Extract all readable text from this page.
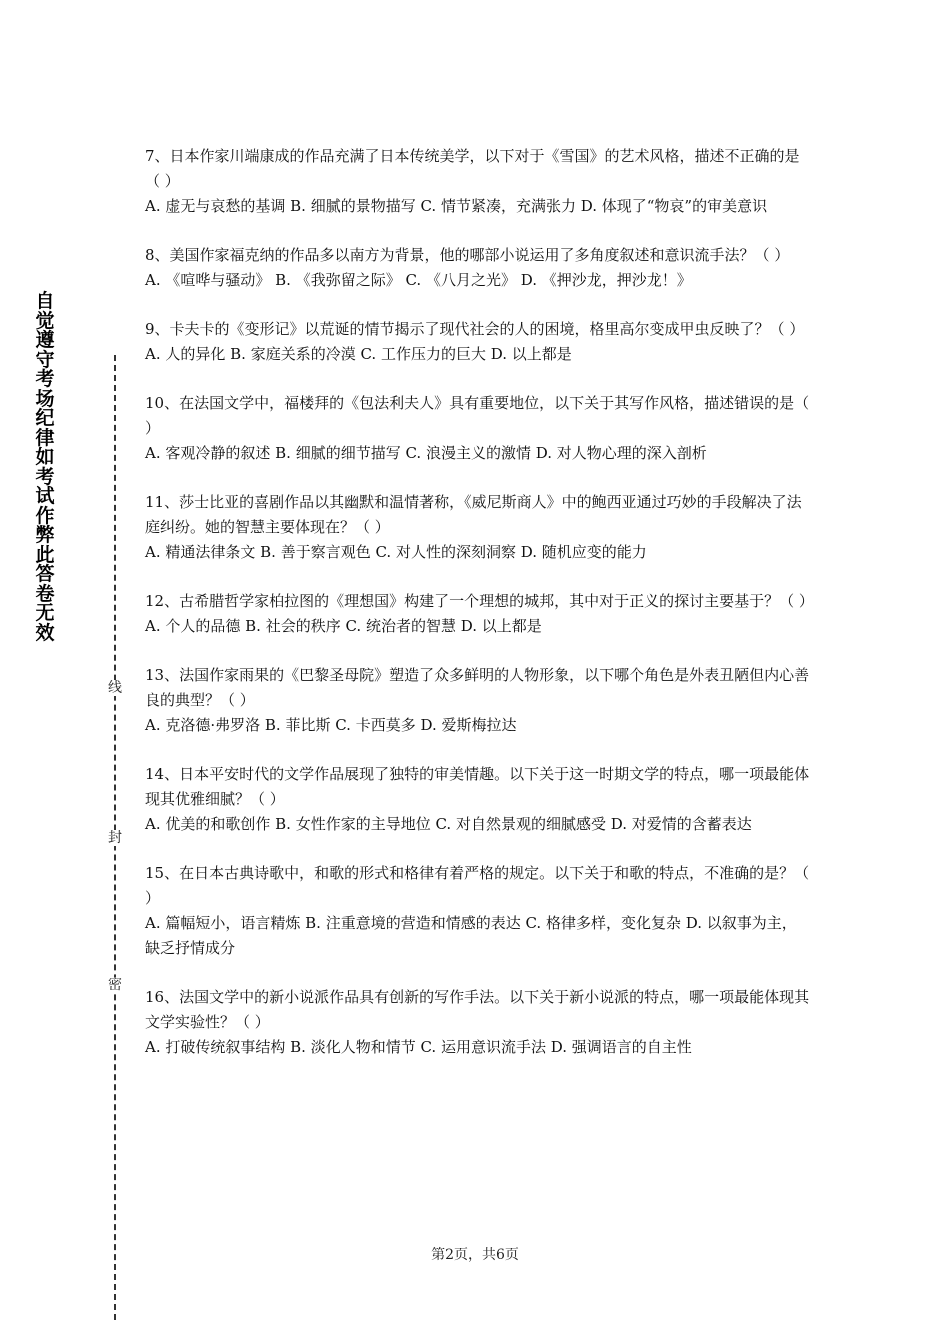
自觉遵守考场纪律如考试作弊此答卷无效
线
封
密

7、日本作家川端康成的作品充满了日本传统美学，以下对于《雪国》的艺术风格，描述不正确的是（ ）

A. 虚无与哀愁的基调 B. 细腻的景物描写 C. 情节紧凑，充满张力 D. 体现了“物哀”的审美意识

8、美国作家福克纳的作品多以南方为背景，他的哪部小说运用了多角度叙述和意识流手法？（ ）

A. 《喧哗与骚动》 B. 《我弥留之际》 C. 《八月之光》 D. 《押沙龙，押沙龙！》

9、卡夫卡的《变形记》以荒诞的情节揭示了现代社会的人的困境，格里高尔变成甲虫反映了？（ ）

A. 人的异化 B. 家庭关系的冷漠 C. 工作压力的巨大 D. 以上都是

10、在法国文学中，福楼拜的《包法利夫人》具有重要地位，以下关于其写作风格，描述错误的是（ ）

A. 客观冷静的叙述 B. 细腻的细节描写 C. 浪漫主义的激情 D. 对人物心理的深入剖析

11、莎士比亚的喜剧作品以其幽默和温情著称，《威尼斯商人》中的鲍西亚通过巧妙的手段解决了法庭纠纷。她的智慧主要体现在？（ ）

A. 精通法律条文 B. 善于察言观色 C. 对人性的深刻洞察 D. 随机应变的能力

12、古希腊哲学家柏拉图的《理想国》构建了一个理想的城邦，其中对于正义的探讨主要基于？（ ）

A. 个人的品德 B. 社会的秩序 C. 统治者的智慧 D. 以上都是

13、法国作家雨果的《巴黎圣母院》塑造了众多鲜明的人物形象，以下哪个角色是外表丑陋但内心善良的典型？（ ）

A. 克洛德·弗罗洛 B. 菲比斯 C. 卡西莫多 D. 爱斯梅拉达

14、日本平安时代的文学作品展现了独特的审美情趣。以下关于这一时期文学的特点，哪一项最能体现其优雅细腻？（ ）

A. 优美的和歌创作 B. 女性作家的主导地位 C. 对自然景观的细腻感受 D. 对爱情的含蓄表达

15、在日本古典诗歌中，和歌的形式和格律有着严格的规定。以下关于和歌的特点，不准确的是？（ ）

A. 篇幅短小，语言精炼 B. 注重意境的营造和情感的表达 C. 格律多样，变化复杂 D. 以叙事为主，缺乏抒情成分

16、法国文学中的新小说派作品具有创新的写作手法。以下关于新小说派的特点，哪一项最能体现其文学实验性？（ ）

A. 打破传统叙事结构 B. 淡化人物和情节 C. 运用意识流手法 D. 强调语言的自主性

第2页，共6页
